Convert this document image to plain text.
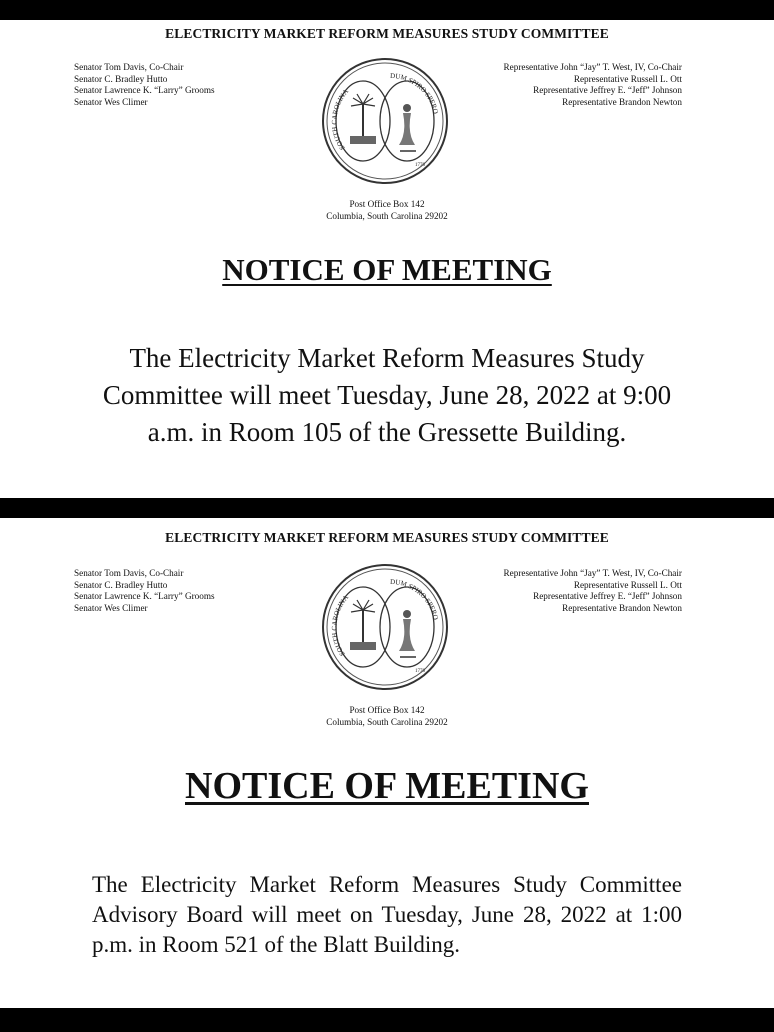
ELECTRICITY MARKET REFORM MEASURES STUDY COMMITTEE
Senator Tom Davis, Co-Chair
Senator C. Bradley Hutto
Senator Lawrence K. “Larry” Grooms
Senator Wes Climer
SOUTH CAROLINA
DUM SPIRO SPERO
1776
Representative John “Jay” T. West, IV, Co-Chair
Representative Russell L. Ott
Representative Jeffrey E. “Jeff” Johnson
Representative Brandon Newton
Post Office Box 142
Columbia, South Carolina 29202
NOTICE OF MEETING
The Electricity Market Reform Measures Study Committee will meet Tuesday, June 28, 2022 at 9:00 a.m. in Room 105 of the Gressette Building.
ELECTRICITY MARKET REFORM MEASURES STUDY COMMITTEE
Senator Tom Davis, Co-Chair
Senator C. Bradley Hutto
Senator Lawrence K. “Larry” Grooms
Senator Wes Climer
SOUTH CAROLINA
DUM SPIRO SPERO
1776
Representative John “Jay” T. West, IV, Co-Chair
Representative Russell L. Ott
Representative Jeffrey E. “Jeff” Johnson
Representative Brandon Newton
Post Office Box 142
Columbia, South Carolina 29202
NOTICE OF MEETING
The Electricity Market Reform Measures Study Committee Advisory Board will meet on Tuesday, June 28, 2022 at 1:00 p.m. in Room 521 of the Blatt Building.
